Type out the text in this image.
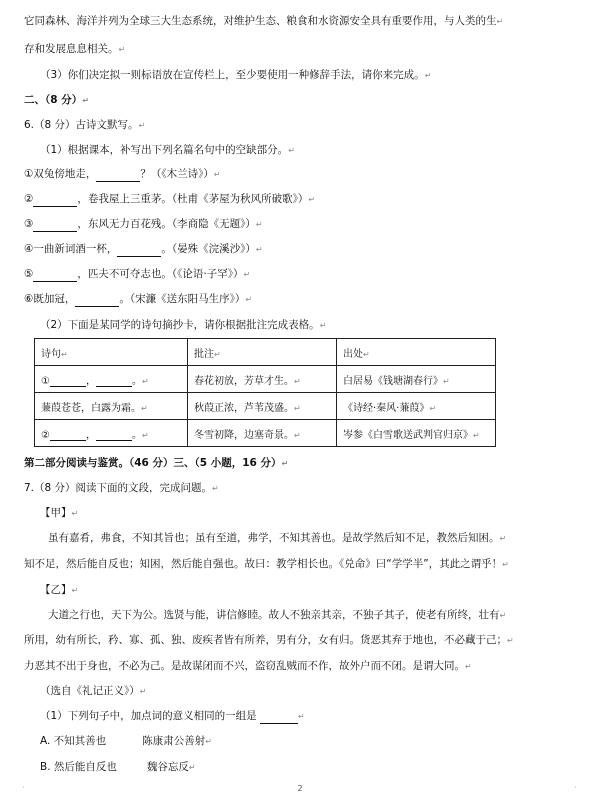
它同森林、海洋并列为全球三大生态系统，对维护生态、粮食和水资源安全具有重要作用，与人类的生↵
存和发展息息相关。↵
（3）你们决定拟一则标语放在宣传栏上，至少要使用一种修辞手法，请你来完成。↵
二、（8 分）↵
6.（8 分）古诗文默写。↵
（1）根据课本，补写出下列名篇名句中的空缺部分。↵
①双兔傍地走，	？（《木兰诗》）↵
②	，卷我屋上三重茅。（杜甫《茅屋为秋风所破歌》）↵
③	，东风无力百花残。（李商隐《无题》）↵
④一曲新词酒一杯，	。（晏殊《浣溪沙》）↵
⑤	，匹夫不可夺志也。（《论语·子罕》）↵
⑥既加冠，	。（宋濂《送东阳马生序》）↵
（2）下面是某同学的诗句摘抄卡，请你根据批注完成表格。↵
诗句↵	批注↵	出处↵
① ， 。↵	春花初放，芳草才生。↵	白居易《钱塘湖春行》↵
蒹葭苍苍，白露为霜。↵	秋葭正浓，芦苇茂盛。↵	《诗经·秦风·蒹葭》↵
② ， 。↵	冬雪初降，边塞奇景。↵	岑参《白雪歌送武判官归京》↵
第二部分阅读与鉴赏。（46 分）三、（5 小题，16 分）↵
7.（8 分）阅读下面的文段，完成问题。↵
【甲】↵
虽有嘉肴，弗食，不知其旨也；虽有至道，弗学，不知其善也。是故学然后知不足，教然后知困。↵
知不足，然后能自反也；知困，然后能自强也。故曰：教学相长也。《兑命》曰“学学半”，其此之谓乎！↵
【乙】↵
大道之行也，天下为公。选贤与能，讲信修睦。故人不独亲其亲，不独子其子，使老有所终，壮有↵
所用，幼有所长，矜、寡、孤、独、废疾者皆有所养，男有分，女有归。货恶其弃于地也，不必藏于己；↵
力恶其不出于身也，不必为己。是故谋闭而不兴，盗窃乱贼而不作，故外户而不闭。是谓大同。↵
（选自《礼记正义》）↵
（1）下列句子中，加点词的意义相同的一组是	↵
A. 不知其善也	陈康肃公善射↵
B. 然后能自反也	魏谷忘反↵
·	2	·
